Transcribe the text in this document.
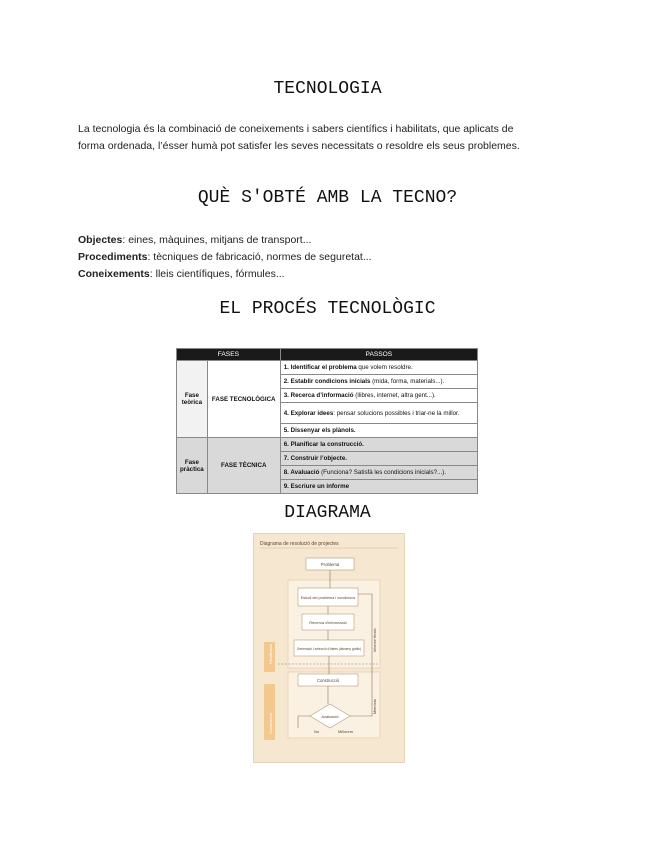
TECNOLOGIA

La tecnologia és la combinació de coneixements i sabers científics i habilitats, que aplicats de

forma ordenada, l’ésser humà pot satisfer les seves necessitats o resoldre els seus problemes.

QUÈ S'OBTÉ AMB LA TECNO?

Objectes: eines, màquines, mitjans de transport...

Procediments: tècniques de fabricació, normes de seguretat...

Coneixements: lleis científiques, fórmules...

EL PROCÉS TECNOLÒGIC
FASES		PASSOS
Fase teòrica	FASE TECNOLÒGICA	1. Identificar el problema que volem resoldre.
		2. Establir condicions inicials (mida, forma, materials...).
		3. Recerca d’informació (llibres, internet, altra gent...).
		4. Explorar idees: pensar solucions possibles i triar-ne la millor.
		5. Dissenyar els plànols.
Fase pràctica	FASE TÈCNICA	6. Planificar la construcció.
		7. Construir l’objecte.
		8. Avaluació (Funciona? Satisfà les condicions inicials?...).
		9. Escriure un informe
DIAGRAMA
Diagrama de resolució de projectes
Planificació
Construcció
Problema
Estudi del problema i condicions
Recerca d'informació
Generació i selecció d'idees (disseny gràfic)
Construcció
Avaluació
Informe tècnic
Memòria
No	Millorem
